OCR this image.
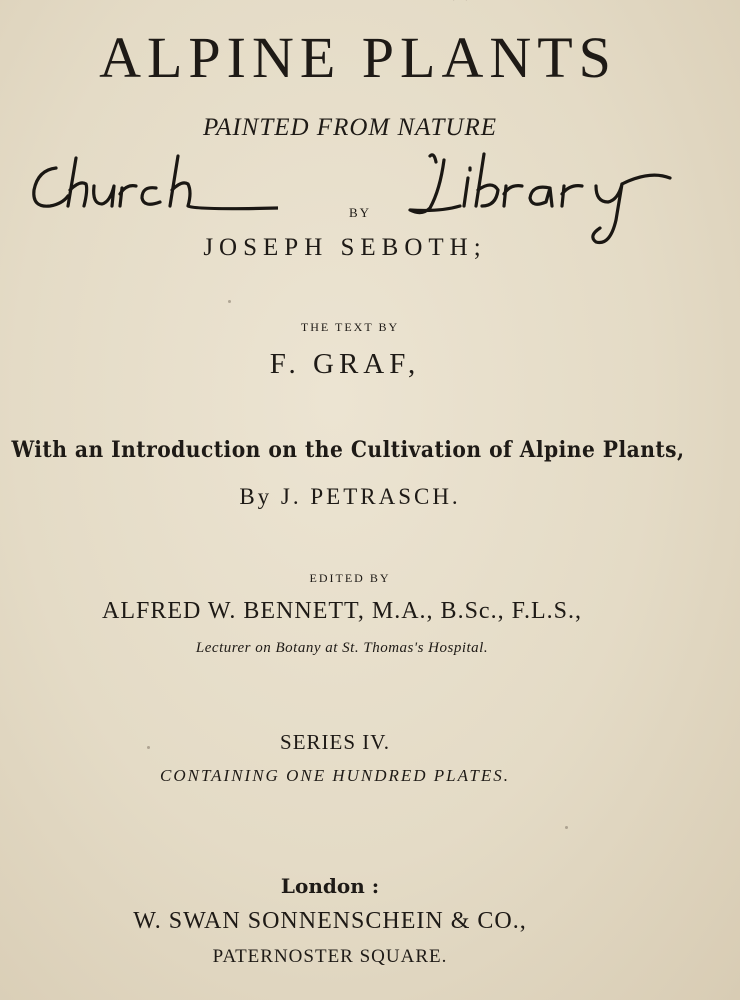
ALPINE PLANTS
PAINTED FROM NATURE
BY
JOSEPH SEBOTH;
THE TEXT BY
F. GRAF,
With an Introduction on the Cultivation of Alpine Plants,
By J. PETRASCH.
EDITED BY
ALFRED W. BENNETT, M.A., B.Sc., F.L.S.,
Lecturer on Botany at St. Thomas's Hospital.
SERIES IV.
CONTAINING ONE HUNDRED PLATES.
London :
W. SWAN SONNENSCHEIN & CO.,
PATERNOSTER SQUARE.
